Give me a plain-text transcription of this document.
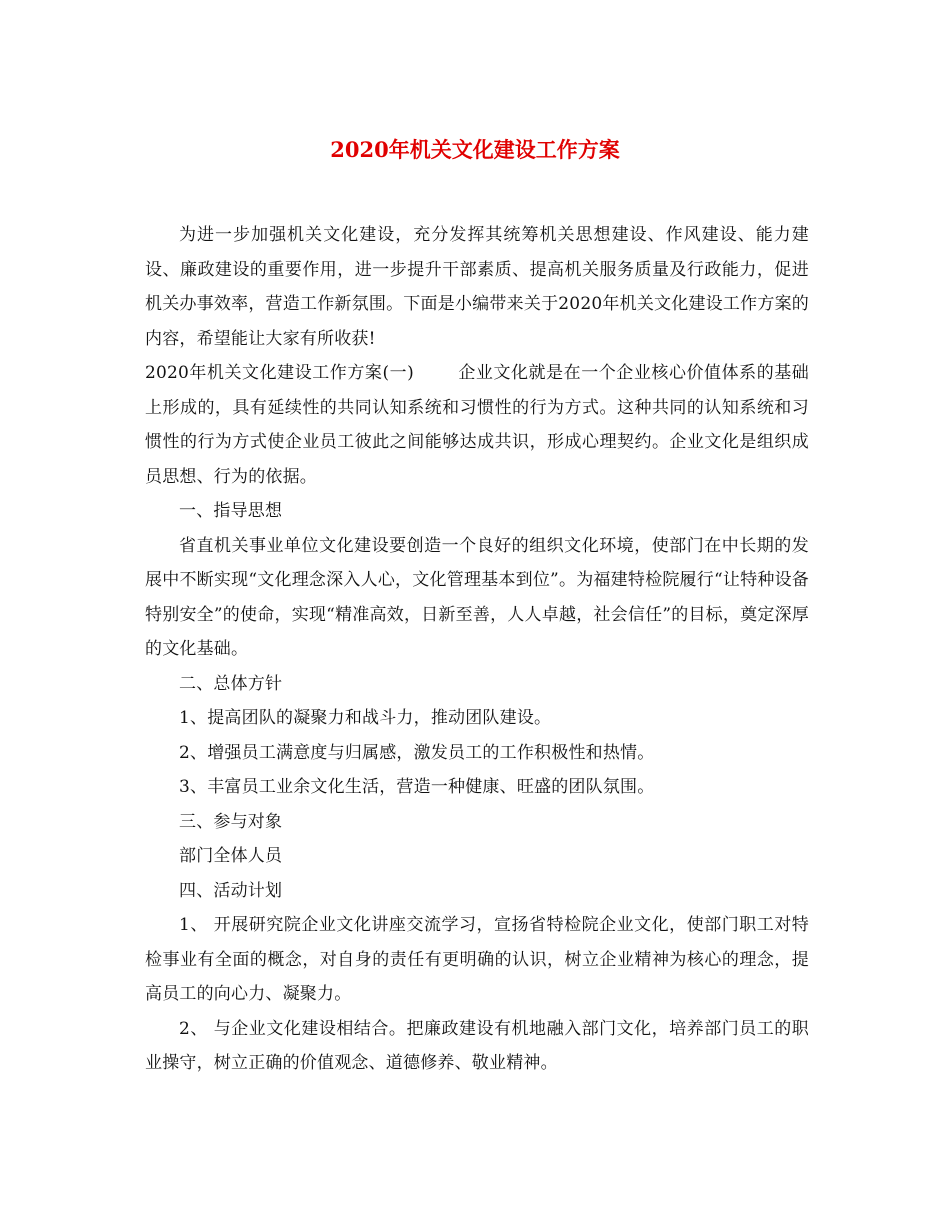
2020年机关文化建设工作方案

为进一步加强机关文化建设，充分发挥其统筹机关思想建设、作风建设、能力建设、廉政建设的重要作用，进一步提升干部素质、提高机关服务质量及行政能力，促进机关办事效率，营造工作新氛围。下面是小编带来关于2020年机关文化建设工作方案的内容，希望能让大家有所收获!

2020年机关文化建设工作方案(一)	企业文化就是在一个企业核心价值体系的基础上形成的，具有延续性的共同认知系统和习惯性的行为方式。这种共同的认知系统和习惯性的行为方式使企业员工彼此之间能够达成共识，形成心理契约。企业文化是组织成员思想、行为的依据。

一、指导思想

省直机关事业单位文化建设要创造一个良好的组织文化环境，使部门在中长期的发展中不断实现“文化理念深入人心，文化管理基本到位”。为福建特检院履行“让特种设备特别安全”的使命，实现“精准高效，日新至善，人人卓越，社会信任”的目标，奠定深厚的文化基础。

二、总体方针

1、提高团队的凝聚力和战斗力，推动团队建设。

2、增强员工满意度与归属感，激发员工的工作积极性和热情。

3、丰富员工业余文化生活，营造一种健康、旺盛的团队氛围。

三、参与对象

部门全体人员

四、活动计划

1、 开展研究院企业文化讲座交流学习，宣扬省特检院企业文化，使部门职工对特检事业有全面的概念，对自身的责任有更明确的认识，树立企业精神为核心的理念，提高员工的向心力、凝聚力。

2、 与企业文化建设相结合。把廉政建设有机地融入部门文化，培养部门员工的职业操守，树立正确的价值观念、道德修养、敬业精神。
